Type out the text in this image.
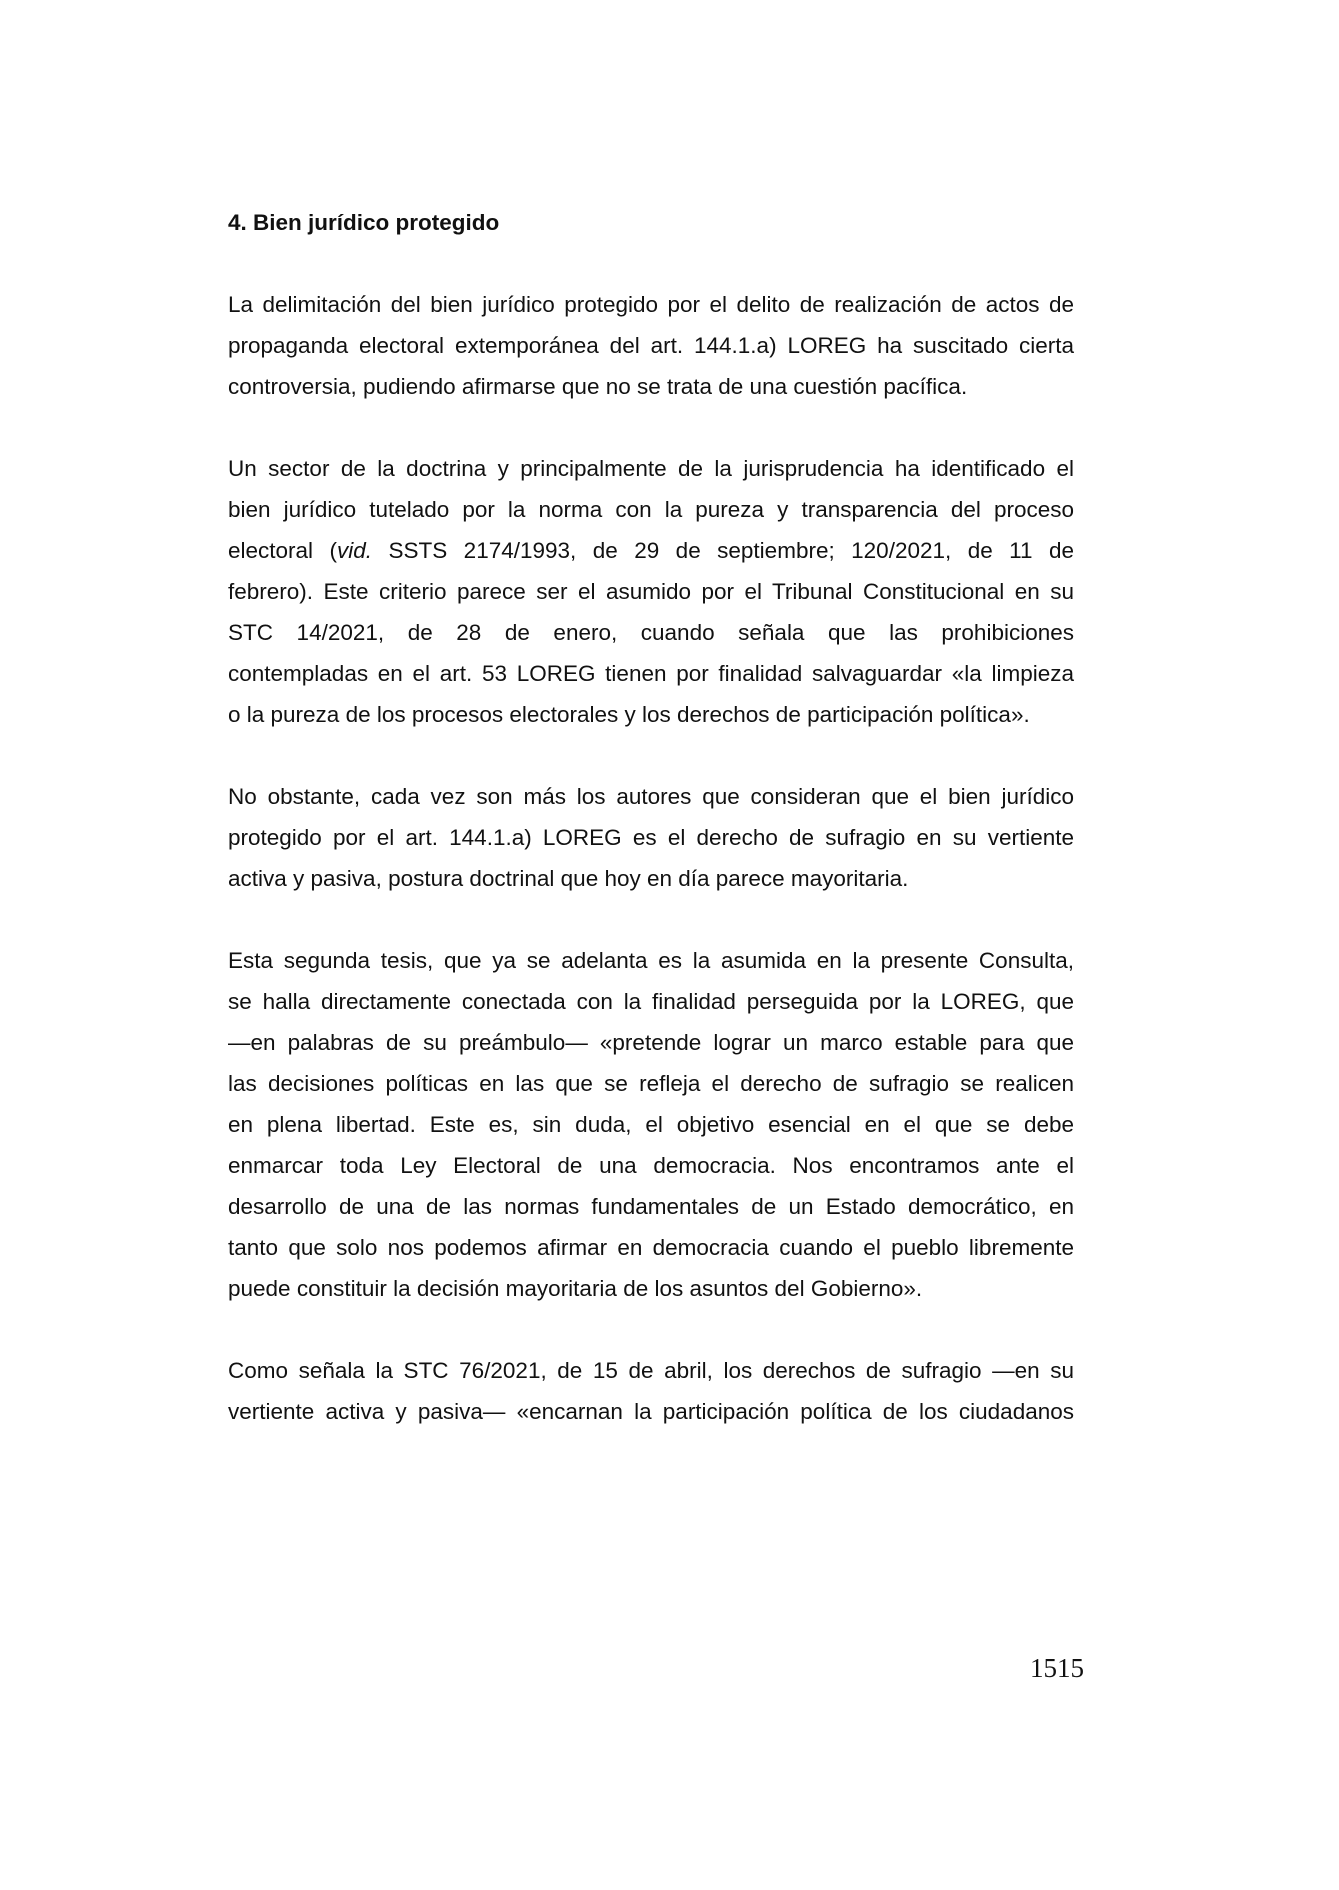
4. Bien jurídico protegido
La delimitación del bien jurídico protegido por el delito de realización de actos de
propaganda electoral extemporánea del art. 144.1.a) LOREG ha suscitado cierta
controversia, pudiendo afirmarse que no se trata de una cuestión pacífica.
Un sector de la doctrina y principalmente de la jurisprudencia ha identificado el
bien jurídico tutelado por la norma con la pureza y transparencia del proceso
electoral (vid. SSTS 2174/1993, de 29 de septiembre; 120/2021, de 11 de
febrero). Este criterio parece ser el asumido por el Tribunal Constitucional en su
STC 14/2021, de 28 de enero, cuando señala que las prohibiciones
contempladas en el art. 53 LOREG tienen por finalidad salvaguardar «la limpieza
o la pureza de los procesos electorales y los derechos de participación política».
No obstante, cada vez son más los autores que consideran que el bien jurídico
protegido por el art. 144.1.a) LOREG es el derecho de sufragio en su vertiente
activa y pasiva, postura doctrinal que hoy en día parece mayoritaria.
Esta segunda tesis, que ya se adelanta es la asumida en la presente Consulta,
se halla directamente conectada con la finalidad perseguida por la LOREG, que
—en palabras de su preámbulo— «pretende lograr un marco estable para que
las decisiones políticas en las que se refleja el derecho de sufragio se realicen
en plena libertad. Este es, sin duda, el objetivo esencial en el que se debe
enmarcar toda Ley Electoral de una democracia. Nos encontramos ante el
desarrollo de una de las normas fundamentales de un Estado democrático, en
tanto que solo nos podemos afirmar en democracia cuando el pueblo libremente
puede constituir la decisión mayoritaria de los asuntos del Gobierno».
Como señala la STC 76/2021, de 15 de abril, los derechos de sufragio —en su
vertiente activa y pasiva— «encarnan la participación política de los ciudadanos
1515
